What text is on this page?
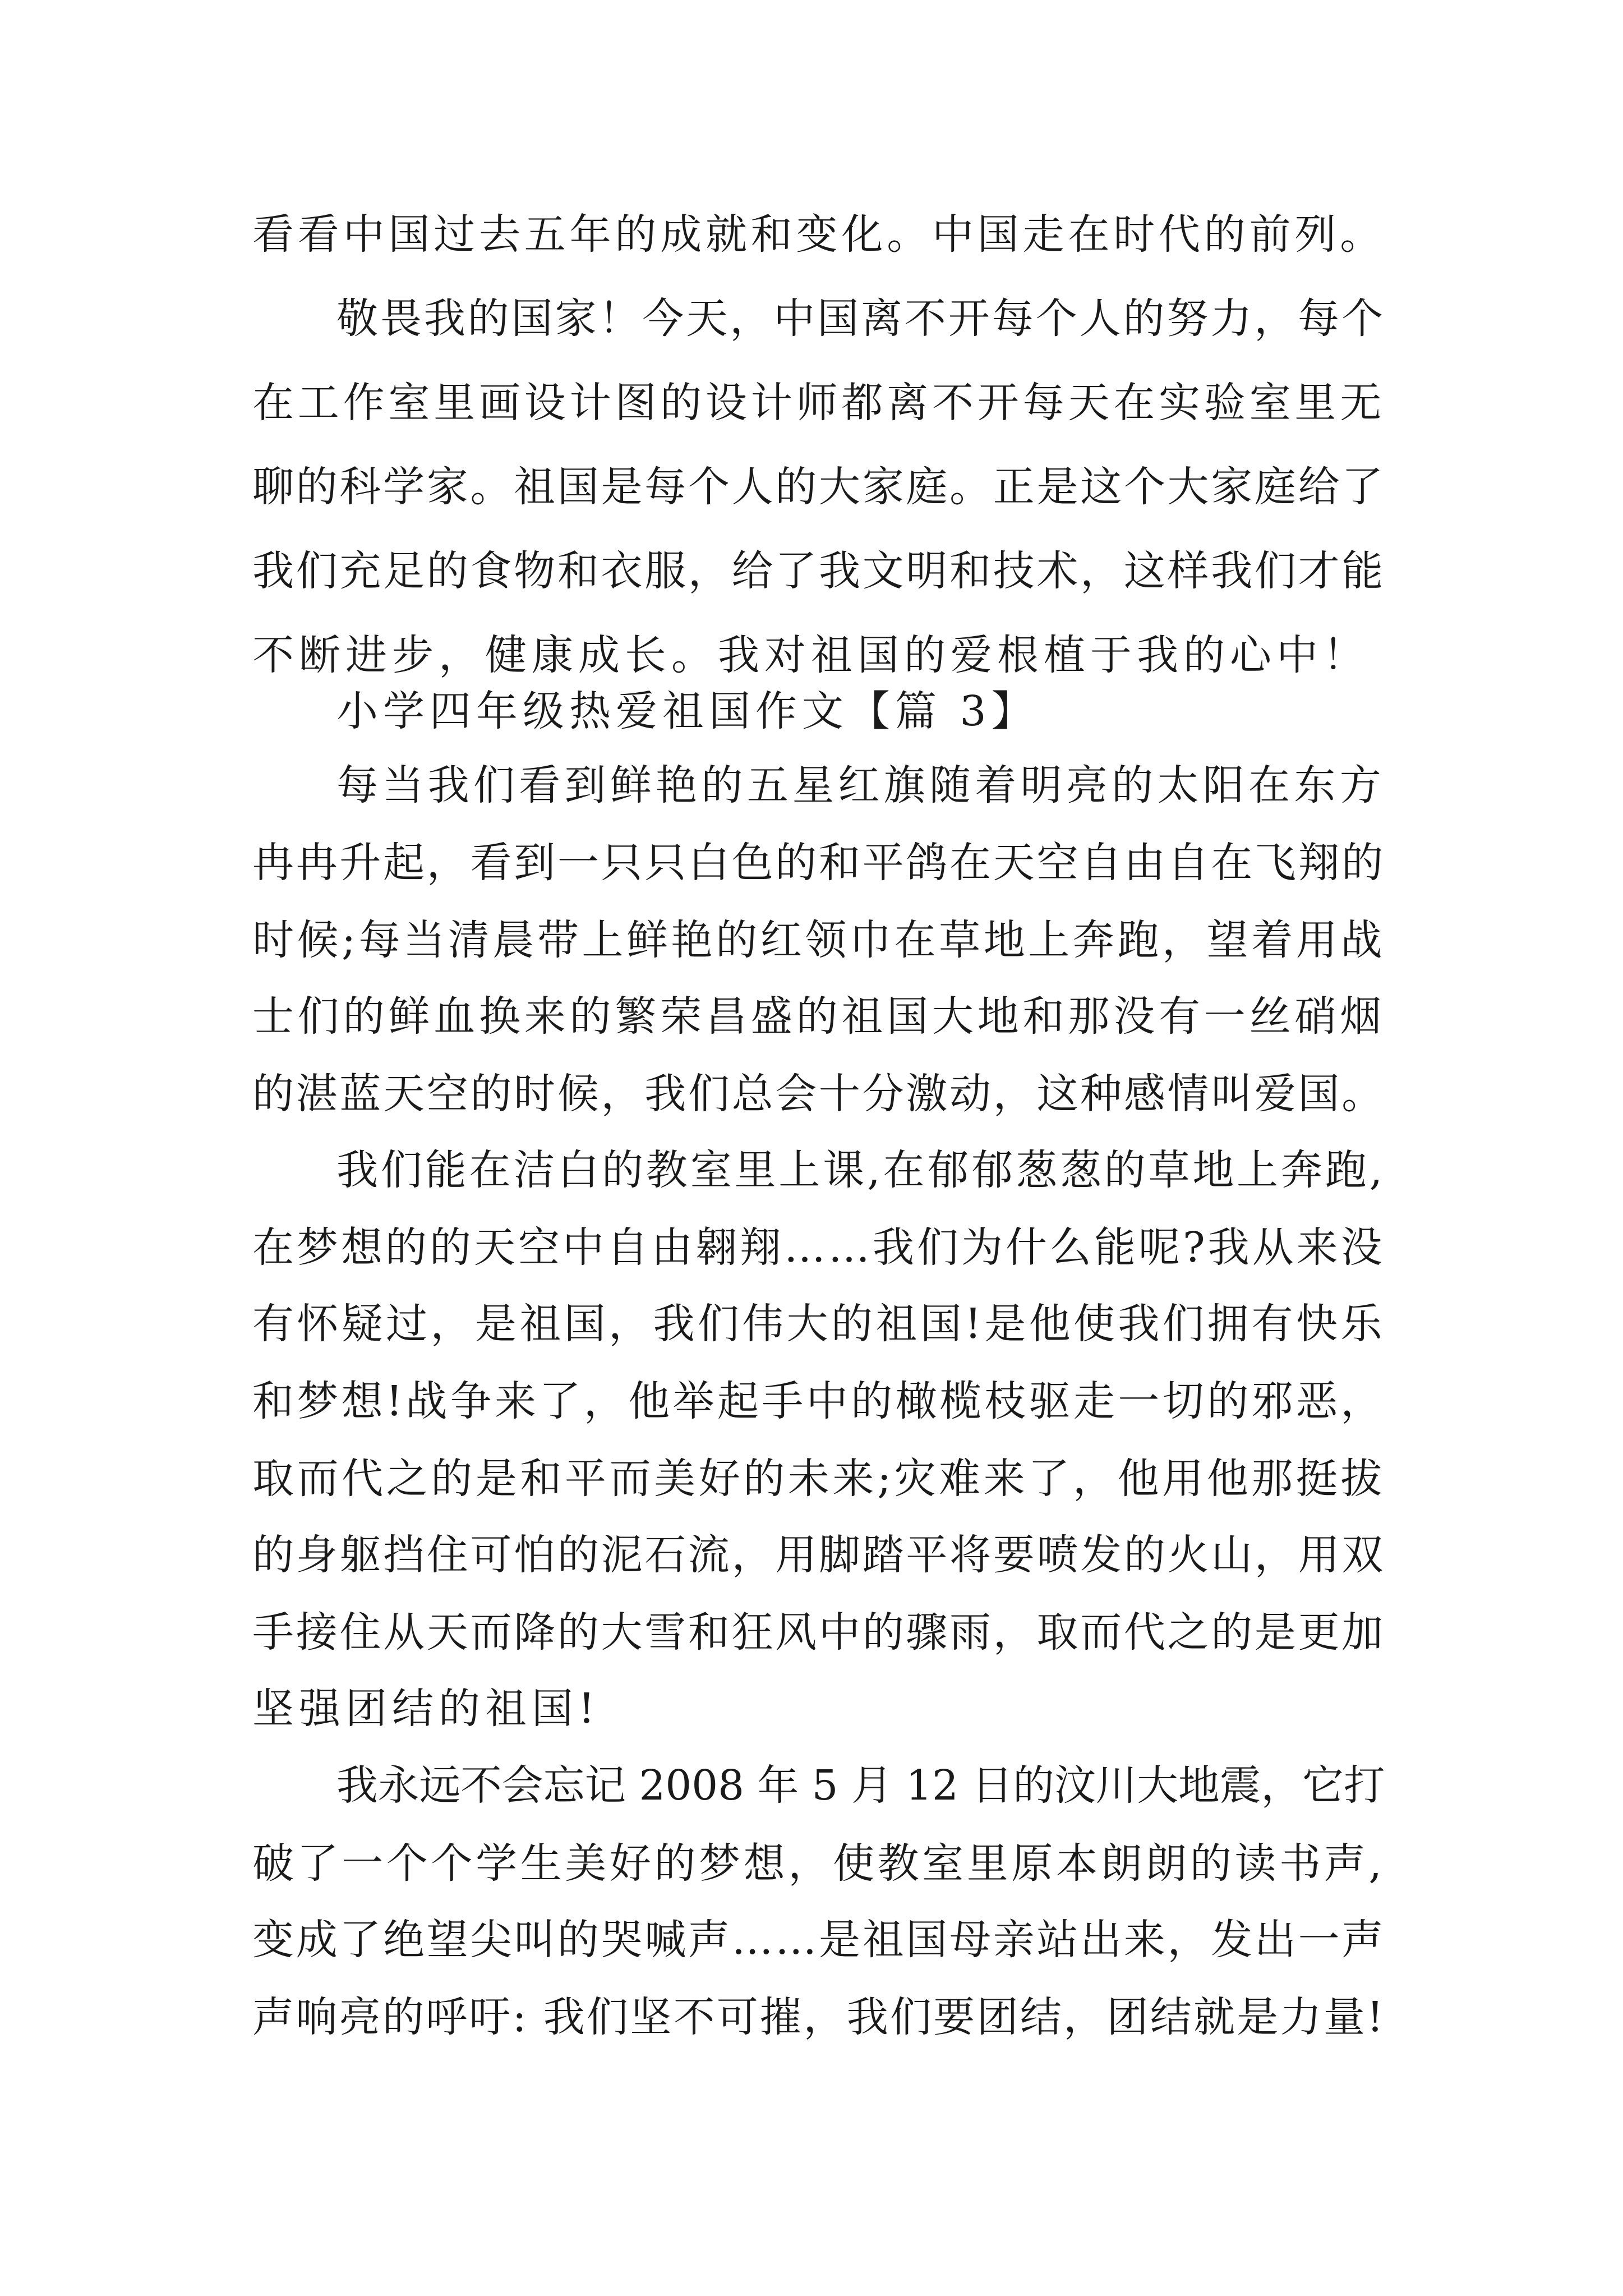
看看中国过去五年的成就和变化。中国走在时代的前列。
敬畏我的国家！今天，中国离不开每个人的努力，每个
在工作室里画设计图的设计师都离不开每天在实验室里无
聊的科学家。祖国是每个人的大家庭。正是这个大家庭给了
我们充足的食物和衣服，给了我文明和技术，这样我们才能
不断进步，健康成长。我对祖国的爱根植于我的心中！
小学四年级热爱祖国作文【篇 3】
每当我们看到鲜艳的五星红旗随着明亮的太阳在东方
冉冉升起，看到一只只白色的和平鸽在天空自由自在飞翔的
时候;每当清晨带上鲜艳的红领巾在草地上奔跑，望着用战
士们的鲜血换来的繁荣昌盛的祖国大地和那没有一丝硝烟
的湛蓝天空的时候，我们总会十分激动，这种感情叫爱国。
我们能在洁白的教室里上课,在郁郁葱葱的草地上奔跑,
在梦想的的天空中自由翱翔……我们为什么能呢?我从来没
有怀疑过，是祖国，我们伟大的祖国!是他使我们拥有快乐
和梦想!战争来了，他举起手中的橄榄枝驱走一切的邪恶，
取而代之的是和平而美好的未来;灾难来了，他用他那挺拔
的身躯挡住可怕的泥石流，用脚踏平将要喷发的火山，用双
手接住从天而降的大雪和狂风中的骤雨，取而代之的是更加
坚强团结的祖国!
我永远不会忘记 2008 年 5 月 12 日的汶川大地震，它打
破了一个个学生美好的梦想，使教室里原本朗朗的读书声,
变成了绝望尖叫的哭喊声……是祖国母亲站出来，发出一声
声响亮的呼吁: 我们坚不可摧，我们要团结，团结就是力量!
